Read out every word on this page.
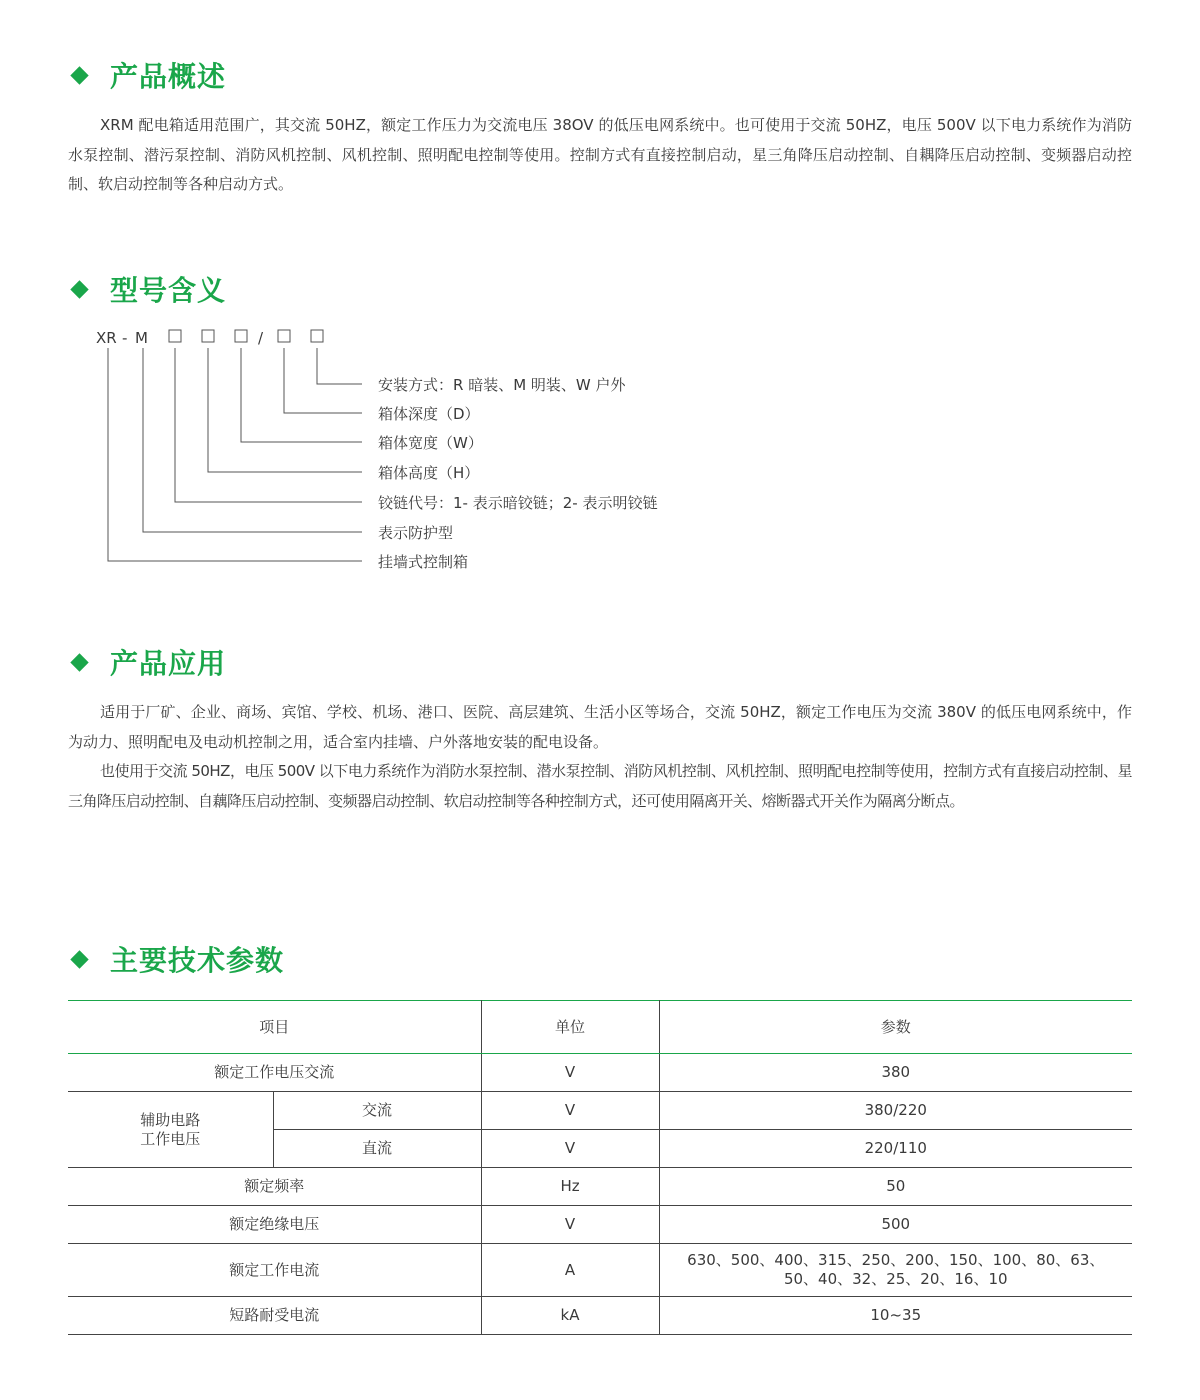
产品概述

XRM 配电箱适用范围广，其交流 50HZ，额定工作压力为交流电压 38OV 的低压电网系统中。也可使用于交流 50HZ，电压 500V 以下电力系统作为消防水泵控制、潜污泵控制、消防风机控制、风机控制、照明配电控制等使用。控制方式有直接控制启动，星三角降压启动控制、自耦降压启动控制、变频器启动控制、软启动控制等各种启动方式。

型号含义
XR - M	/
安装方式：R 暗装、M 明装、W 户外
箱体深度（D）
箱体宽度（W）
箱体高度（H）
铰链代号：1- 表示暗铰链；2- 表示明铰链
表示防护型
挂墙式控制箱
产品应用

适用于厂矿、企业、商场、宾馆、学校、机场、港口、医院、高层建筑、生活小区等场合，交流 50HZ，额定工作电压为交流 380V 的低压电网系统中，作为动力、照明配电及电动机控制之用，适合室内挂墙、户外落地安装的配电设备。

也使用于交流 50HZ，电压 500V 以下电力系统作为消防水泵控制、潜水泵控制、消防风机控制、风机控制、照明配电控制等使用，控制方式有直接启动控制、星三角降压启动控制、自藕降压启动控制、变频器启动控制、软启动控制等各种控制方式，还可使用隔离开关、熔断器式开关作为隔离分断点。

主要技术参数
项目		单位	参数
额定工作电压交流		V	380

辅助电路
工作电压	交流	V	380/220
	直流	V	220/110
额定频率		Hz	50
额定绝缘电压		V	500
额定工作电流		A	630、500、400、315、250、200、150、100、80、63、
50、40、32、25、20、16、10

短路耐受电流		kA	10~35
